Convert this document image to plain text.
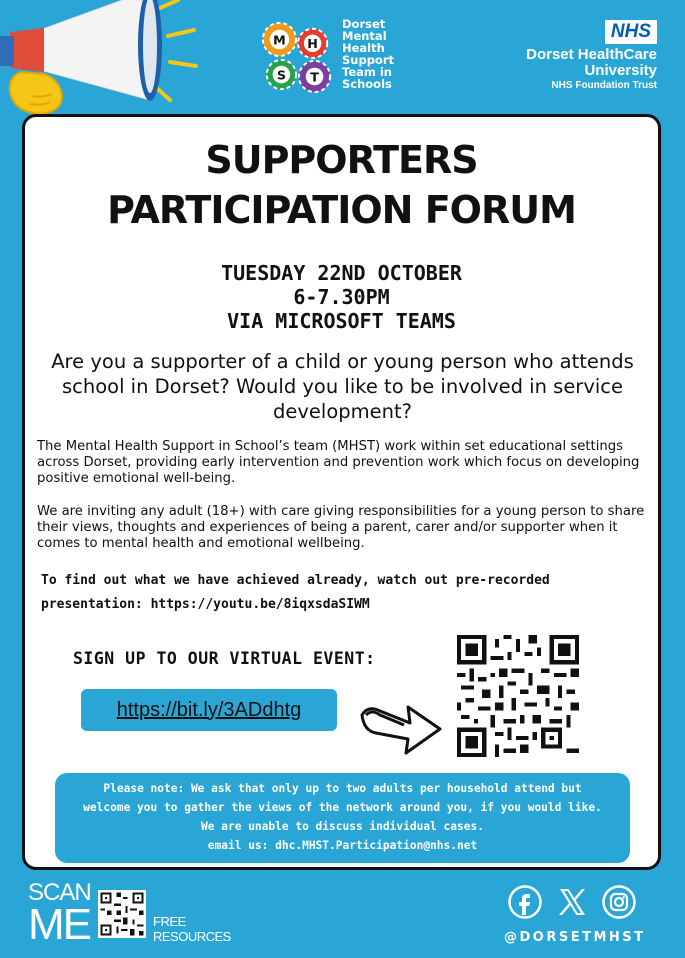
M H
S T
Dorset
Mental
Health
Support
Team in
Schools
NHS
Dorset HealthCare
University
NHS Foundation Trust
SUPPORTERS
PARTICIPATION FORUM
TUESDAY 22ND OCTOBER
6-7.30PM
VIA MICROSOFT TEAMS
Are you a supporter of a child or young person who attends school in Dorset? Would you like to be involved in service development?
The Mental Health Support in School’s team (MHST) work within set educational settings across Dorset, providing early intervention and prevention work which focus on developing positive emotional well-being.
We are inviting any adult (18+) with care giving responsibilities for a young person to share their views, thoughts and experiences of being a parent, carer and/or supporter when it comes to mental health and emotional wellbeing.
To find out what we have achieved already, watch out pre-recorded
presentation: https://youtu.be/8iqxsdaSIWM
SIGN UP TO OUR VIRTUAL EVENT:
https://bit.ly/3ADdhtg
Please note: We ask that only up to two adults per household attend but
welcome you to gather the views of the network around you, if you would like.
We are unable to discuss individual cases.
email us: dhc.MHST.Participation@nhs.net
SCAN
ME	FREE
RESOURCES	@DORSETMHST
